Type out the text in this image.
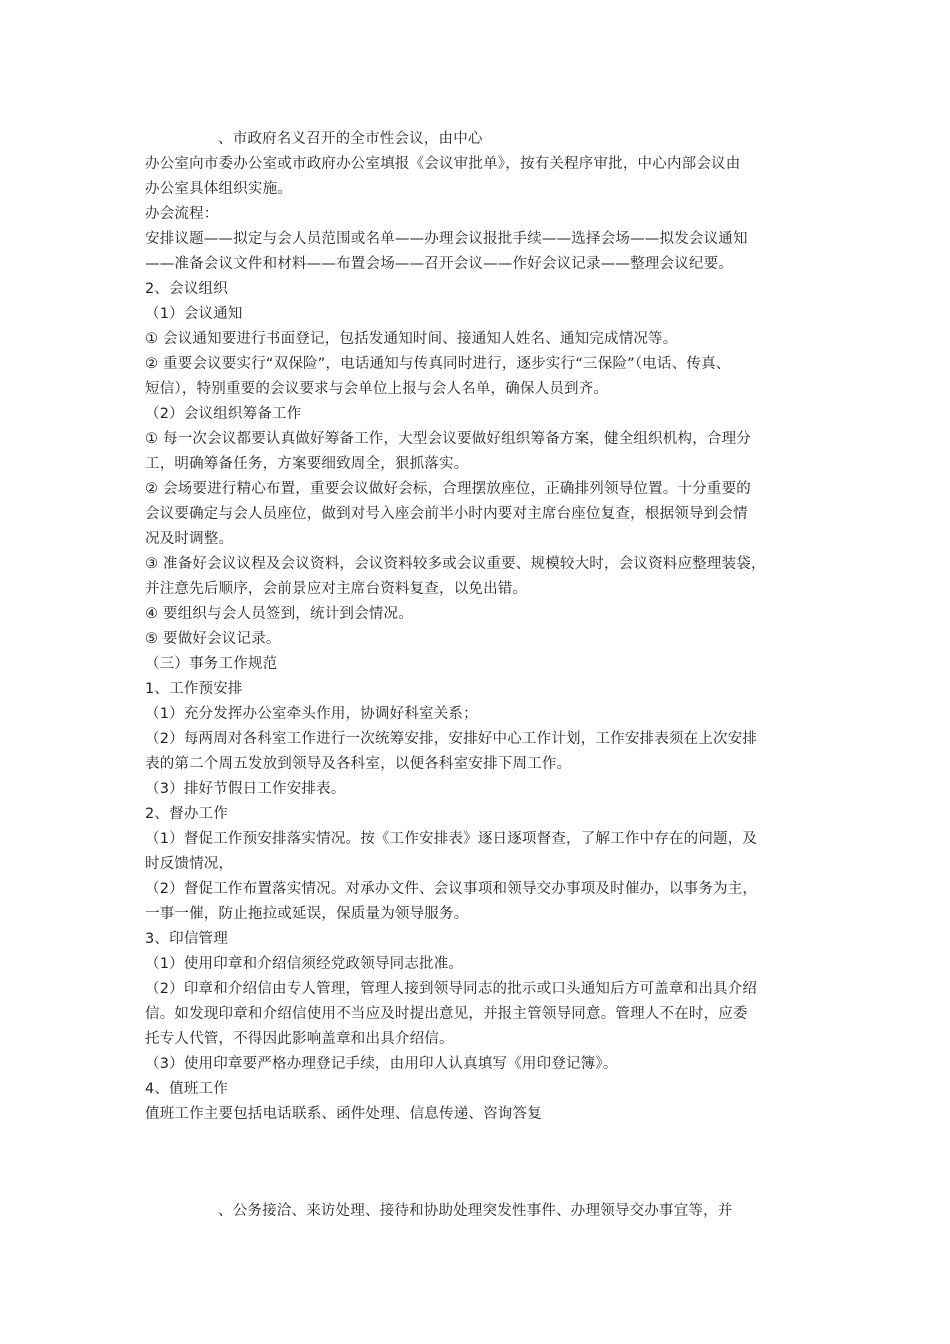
、市政府名义召开的全市性会议，由中心
办公室向市委办公室或市政府办公室填报《会议审批单》，按有关程序审批，中心内部会议由
办公室具体组织实施。
办会流程：
安排议题——拟定与会人员范围或名单——办理会议报批手续——选择会场——拟发会议通知
——准备会议文件和材料——布置会场——召开会议——作好会议记录——整理会议纪要。
2、会议组织
（1）会议通知
① 会议通知要进行书面登记，包括发通知时间、接通知人姓名、通知完成情况等。
② 重要会议要实行“双保险”，电话通知与传真同时进行，逐步实行“三保险”（电话、传真、
短信），特别重要的会议要求与会单位上报与会人名单，确保人员到齐。
（2）会议组织筹备工作
① 每一次会议都要认真做好筹备工作，大型会议要做好组织筹备方案，健全组织机构，合理分
工，明确筹备任务，方案要细致周全，狠抓落实。
② 会场要进行精心布置，重要会议做好会标，合理摆放座位，正确排列领导位置。十分重要的
会议要确定与会人员座位，做到对号入座会前半小时内要对主席台座位复查，根据领导到会情
况及时调整。
③ 准备好会议议程及会议资料，会议资料较多或会议重要、规模较大时，会议资料应整理装袋，
并注意先后顺序，会前景应对主席台资料复查，以免出错。
④ 要组织与会人员签到，统计到会情况。
⑤ 要做好会议记录。
（三）事务工作规范
1、工作预安排
（1）充分发挥办公室牵头作用，协调好科室关系；
（2）每两周对各科室工作进行一次统筹安排，安排好中心工作计划，工作安排表须在上次安排
表的第二个周五发放到领导及各科室，以便各科室安排下周工作。
（3）排好节假日工作安排表。
2、督办工作
（1）督促工作预安排落实情况。按《工作安排表》逐日逐项督查，了解工作中存在的问题，及
时反馈情况，
（2）督促工作布置落实情况。对承办文件、会议事项和领导交办事项及时催办，以事务为主，
一事一催，防止拖拉或延误，保质量为领导服务。
3、印信管理
（1）使用印章和介绍信须经党政领导同志批准。
（2）印章和介绍信由专人管理，管理人接到领导同志的批示或口头通知后方可盖章和出具介绍
信。如发现印章和介绍信使用不当应及时提出意见，并报主管领导同意。管理人不在时，应委
托专人代管，不得因此影响盖章和出具介绍信。
（3）使用印章要严格办理登记手续，由用印人认真填写《用印登记簿》。
4、值班工作
值班工作主要包括电话联系、函件处理、信息传递、咨询答复
、公务接洽、来访处理、接待和协助处理突发性事件、办理领导交办事宜等，并
